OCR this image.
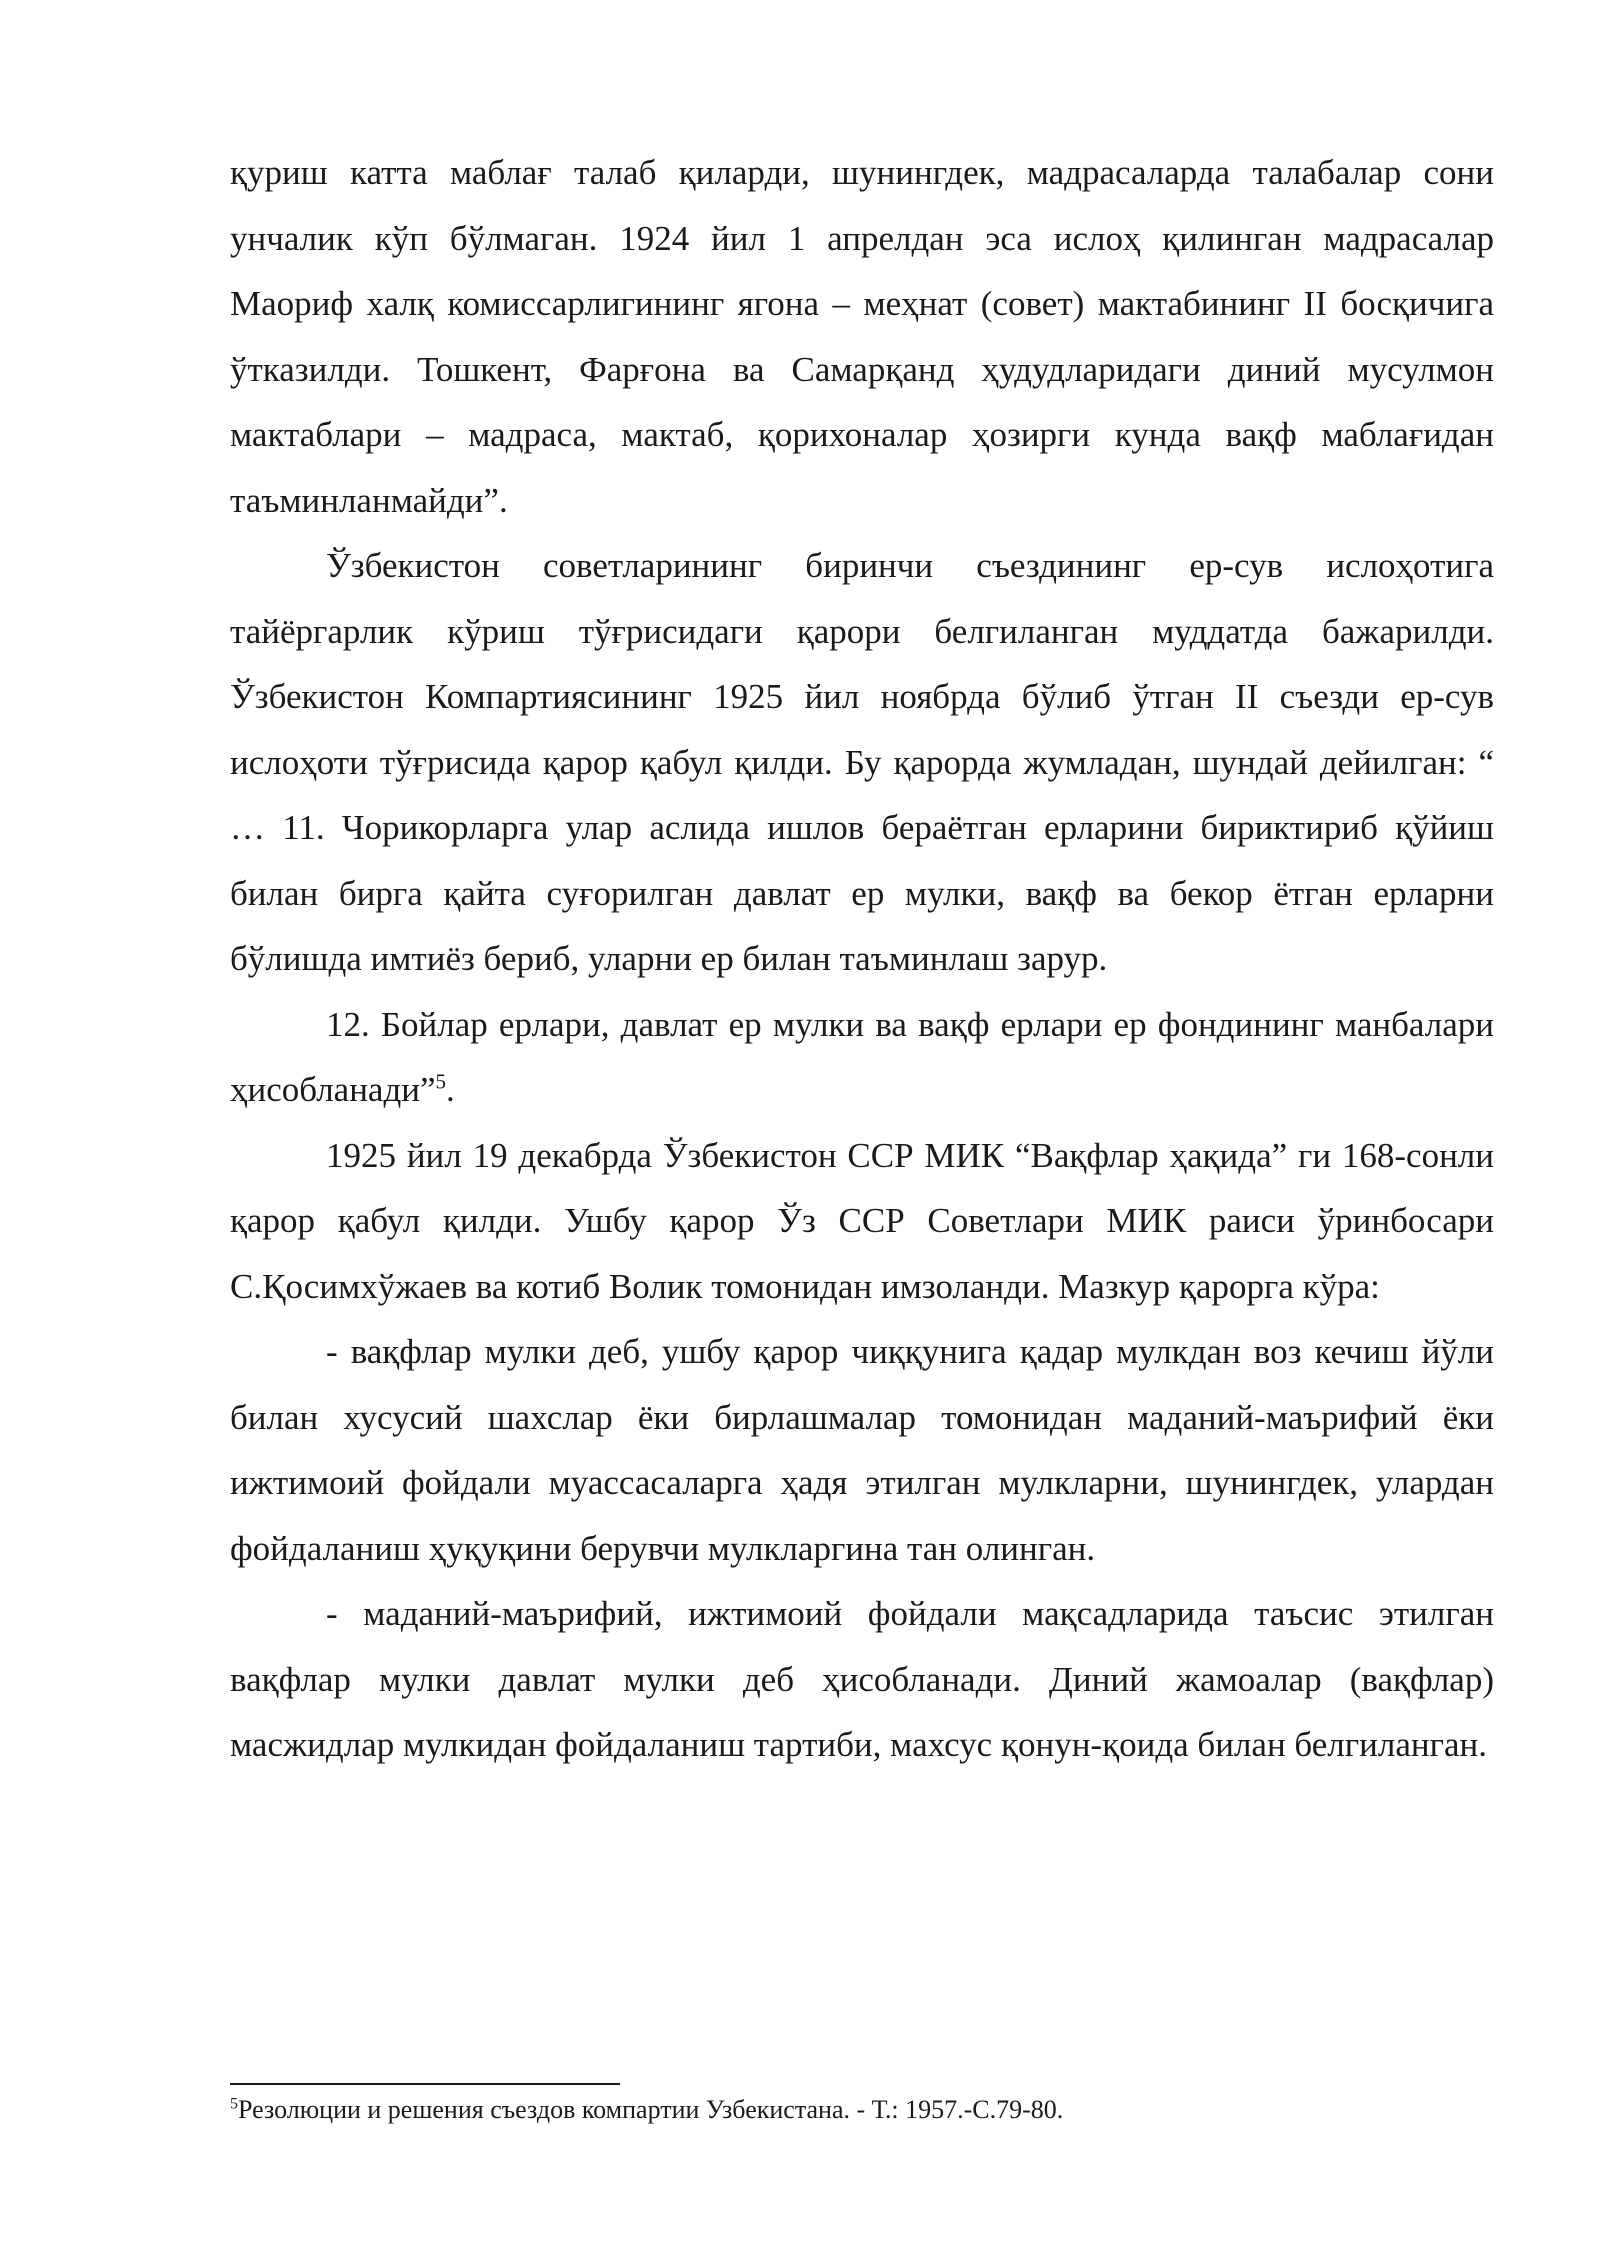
қуриш катта маблағ талаб қиларди, шунингдек, мадрасаларда талабалар сони унчалик кўп бўлмаган. 1924 йил 1 апрелдан эса ислоҳ қилинган мадрасалар Маориф халқ комиссарлигининг ягона – меҳнат (совет) мактабининг II босқичига ўтказилди. Тошкент, Фарғона ва Самарқанд ҳудудларидаги диний мусулмон мактаблари – мадраса, мактаб, қорихоналар ҳозирги кунда вақф маблағидан таъминланмайди”.

Ўзбекистон советларининг биринчи съездининг ер-сув ислоҳотига тайёргарлик кўриш тўғрисидаги қарори белгиланган муддатда бажарилди. Ўзбекистон Компартиясининг 1925 йил ноябрда бўлиб ўтган II съезди ер-сув ислоҳоти тўғрисида қарор қабул қилди. Бу қарорда жумладан, шундай дейилган: “ … 11. Чорикорларга улар аслида ишлов бераётган ерларини бириктириб қўйиш билан бирга қайта суғорилган давлат ер мулки, вақф ва бекор ётган ерларни бўлишда имтиёз бериб, уларни ер билан таъминлаш зарур.

12. Бойлар ерлари, давлат ер мулки ва вақф ерлари ер фондининг манбалари ҳисобланади”$^5$.

1925 йил 19 декабрда Ўзбекистон ССР МИК “Вақфлар ҳақида” ги 168-сонли қарор қабул қилди. Ушбу қарор Ўз ССР Советлари МИК раиси ўринбосари С.Қосимхўжаев ва котиб Волик томонидан имзоланди. Мазкур қарорга кўра:

- вақфлар мулки деб, ушбу қарор чиққунига қадар мулкдан воз кечиш йўли билан хусусий шахслар ёки бирлашмалар томонидан маданий-маърифий ёки ижтимоий фойдали муассасаларга ҳадя этилган мулкларни, шунингдек, улардан фойдаланиш ҳуқуқини берувчи мулкларгина тан олинган.

- маданий-маърифий, ижтимоий фойдали мақсадларида таъсис этилган вақфлар мулки давлат мулки деб ҳисобланади. Диний жамоалар (вақфлар) масжидлар мулкидан фойдаланиш тартиби, махсус қонун-қоида билан белгиланган.

$^5$Резолюции и решения съездов компартии Узбекистана. - Т.: 1957.-С.79-80.
